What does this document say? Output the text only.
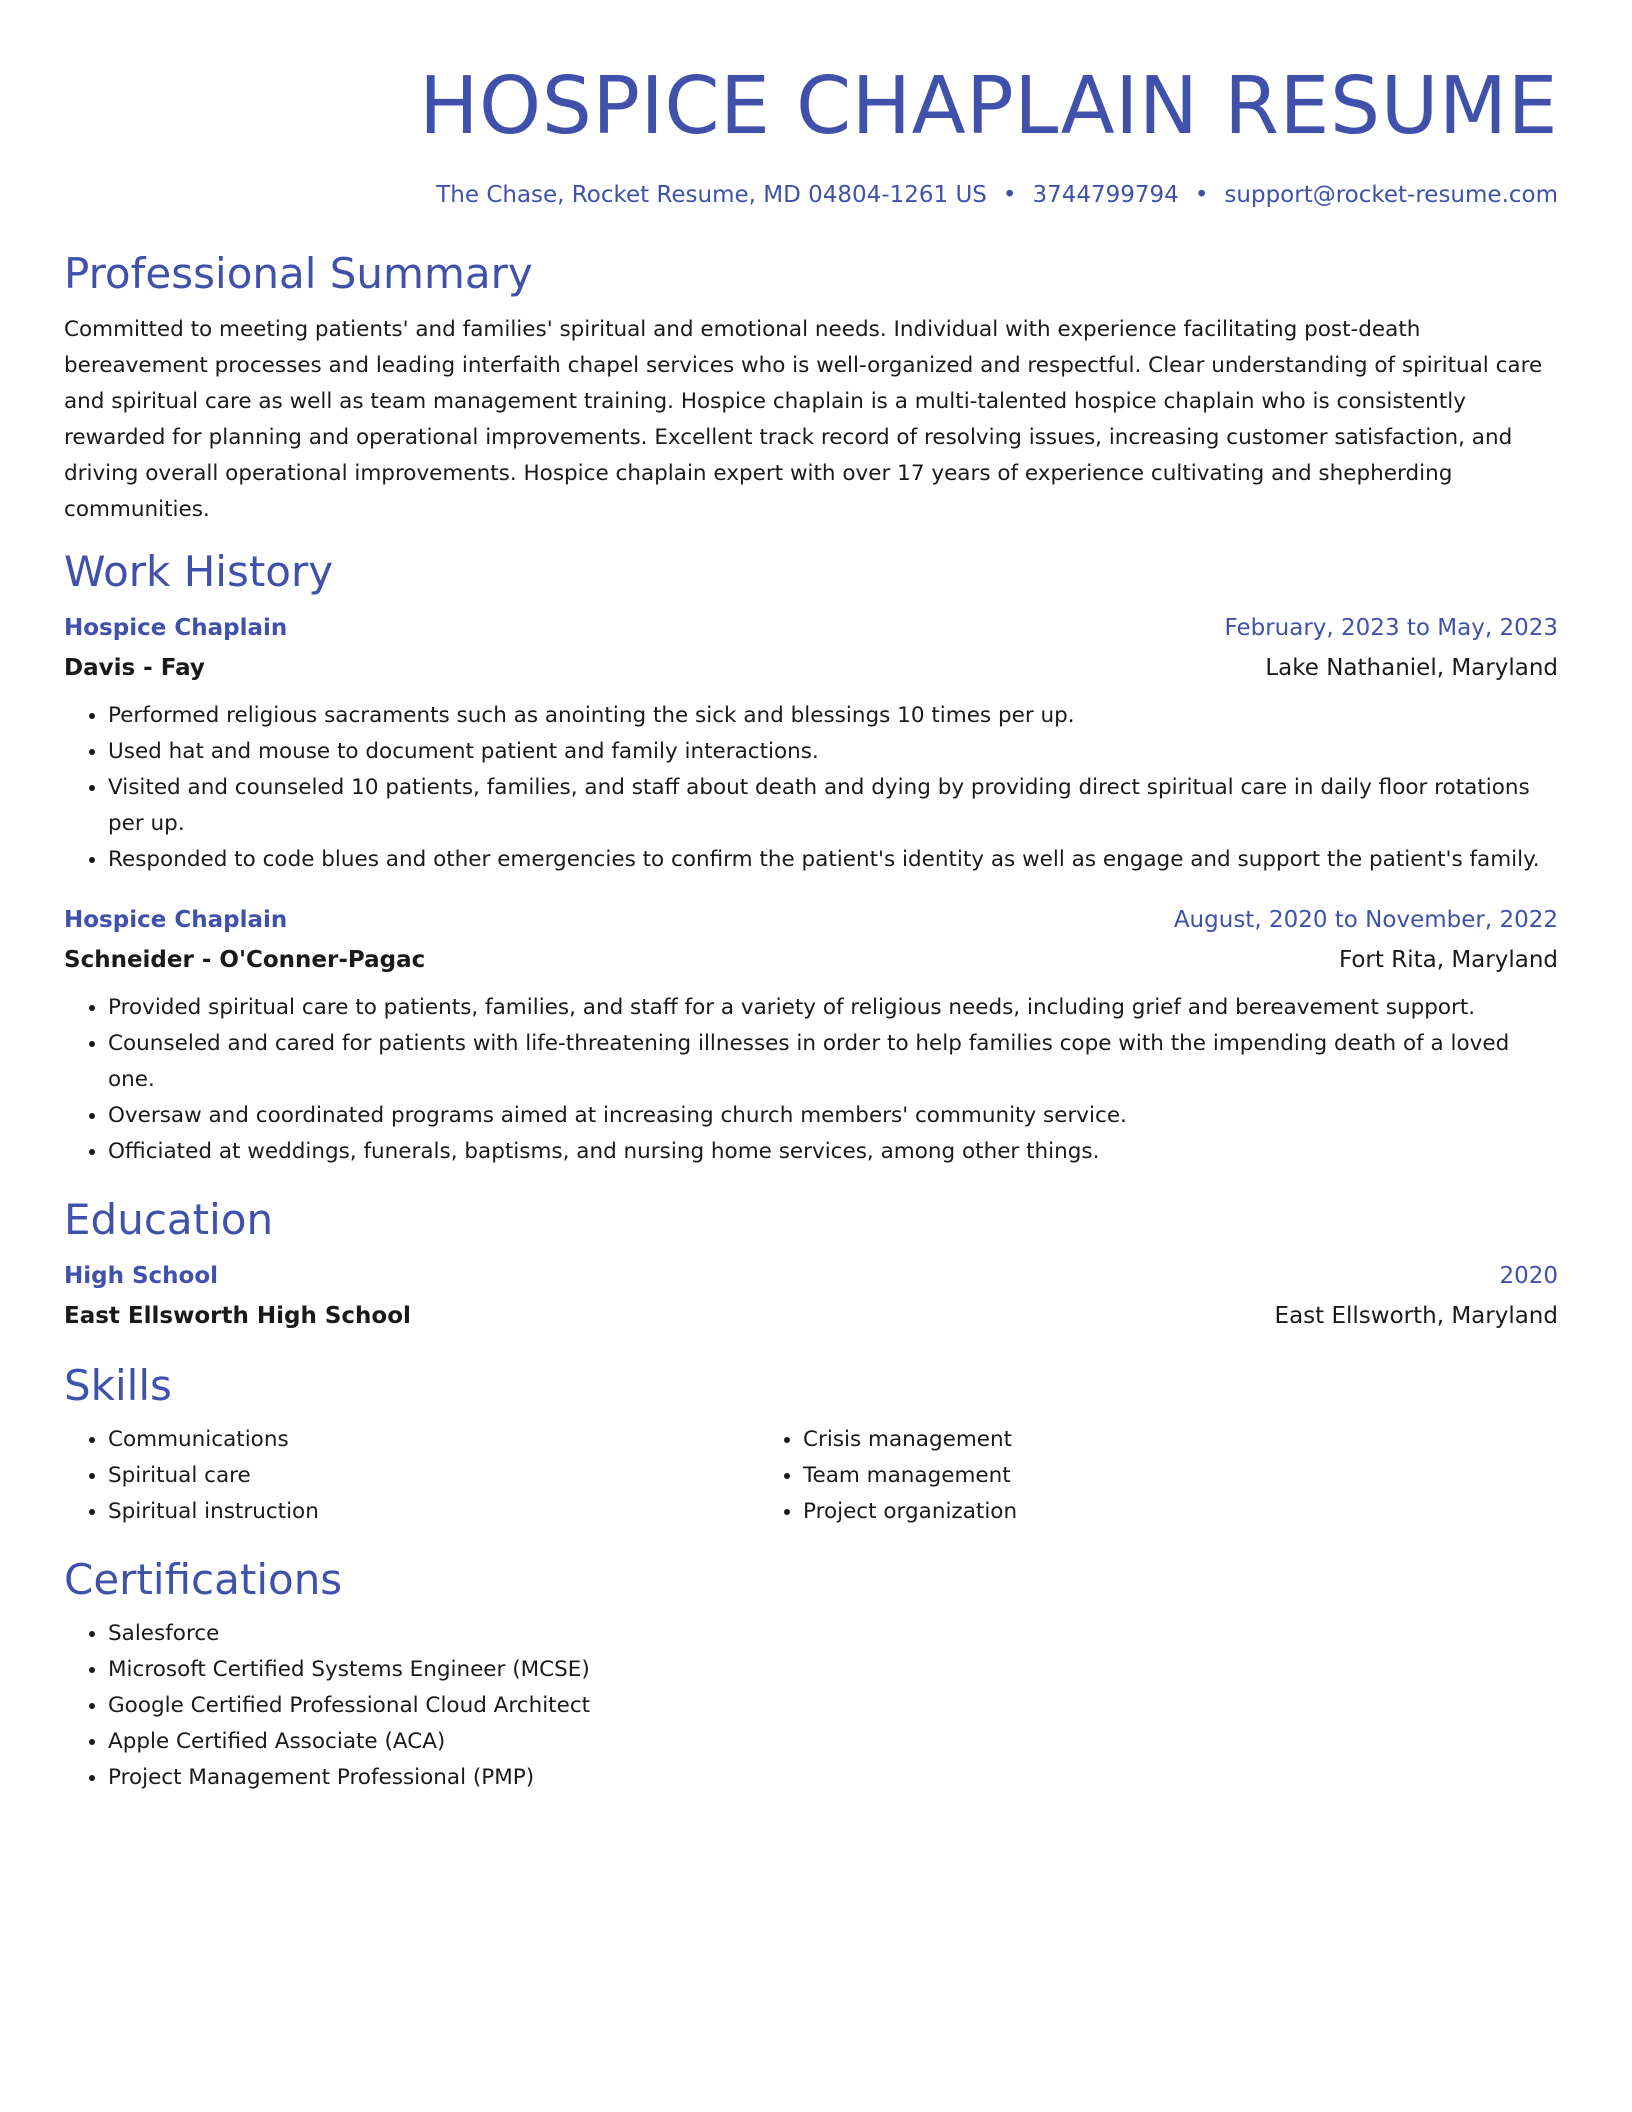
HOSPICE CHAPLAIN RESUME
The Chase, Rocket Resume, MD 04804-1261 US • 3744799794 • support@rocket-resume.com
Professional Summary
Committed to meeting patients' and families' spiritual and emotional needs. Individual with experience facilitating post-death bereavement processes and leading interfaith chapel services who is well-organized and respectful. Clear understanding of spiritual care and spiritual care as well as team management training. Hospice chaplain is a multi-talented hospice chaplain who is consistently rewarded for planning and operational improvements. Excellent track record of resolving issues, increasing customer satisfaction, and driving overall operational improvements. Hospice chaplain expert with over 17 years of experience cultivating and shepherding communities.
Work History
Hospice Chaplain	February, 2023 to May, 2023
Davis - Fay	Lake Nathaniel, Maryland
• Performed religious sacraments such as anointing the sick and blessings 10 times per up.
• Used hat and mouse to document patient and family interactions.
• Visited and counseled 10 patients, families, and staff about death and dying by providing direct spiritual care in daily floor rotations per up.
• Responded to code blues and other emergencies to confirm the patient's identity as well as engage and support the patient's family.
Hospice Chaplain	August, 2020 to November, 2022
Schneider - O'Conner-Pagac	Fort Rita, Maryland
• Provided spiritual care to patients, families, and staff for a variety of religious needs, including grief and bereavement support.
• Counseled and cared for patients with life-threatening illnesses in order to help families cope with the impending death of a loved one.
• Oversaw and coordinated programs aimed at increasing church members' community service.
• Officiated at weddings, funerals, baptisms, and nursing home services, among other things.
Education
High School	2020
East Ellsworth High School	East Ellsworth, Maryland
Skills
• Communications
• Spiritual care
• Spiritual instruction
• Crisis management
• Team management
• Project organization
Certifications
• Salesforce
• Microsoft Certified Systems Engineer (MCSE)
• Google Certified Professional Cloud Architect
• Apple Certified Associate (ACA)
• Project Management Professional (PMP)
